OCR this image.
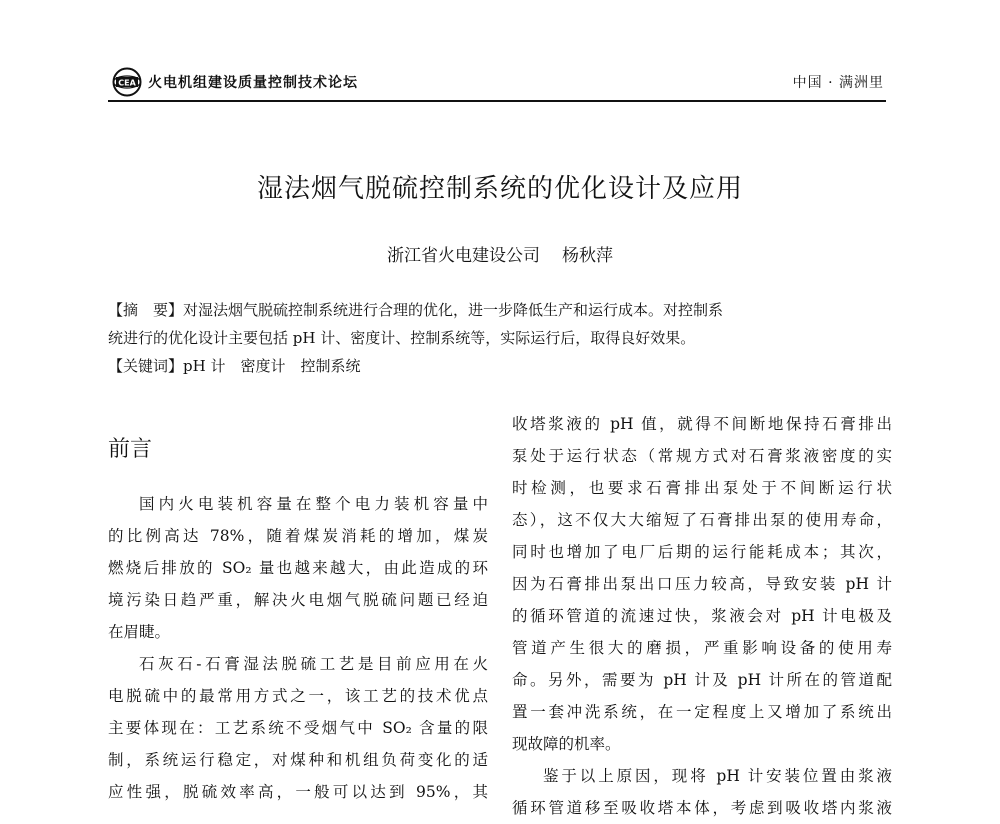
CEA 火电机组建设质量控制技术论坛	中国 · 满洲里
湿法烟气脱硫控制系统的优化设计及应用
浙江省火电建设公司 杨秋萍
【摘　要】对湿法烟气脱硫控制系统进行合理的优化，进一步降低生产和运行成本。对控制系
统进行的优化设计主要包括 pH 计、密度计、控制系统等，实际运行后，取得良好效果。
【关键词】pH 计　密度计　控制系统
前言
国内火电装机容量在整个电力装机容量中
的比例高达 78%，随着煤炭消耗的增加，煤炭
燃烧后排放的 SO₂ 量也越来越大，由此造成的环
境污染日趋严重，解决火电烟气脱硫问题已经迫
在眉睫。
石灰石-石膏湿法脱硫工艺是目前应用在火
电脱硫中的最常用方式之一，该工艺的技术优点
主要体现在：工艺系统不受烟气中 SO₂ 含量的限
制，系统运行稳定，对煤种和机组负荷变化的适
应性强，脱硫效率高，一般可以达到 95%，其
收塔浆液的 pH 值，就得不间断地保持石膏排出
泵处于运行状态（常规方式对石膏浆液密度的实
时检测，也要求石膏排出泵处于不间断运行状
态），这不仅大大缩短了石膏排出泵的使用寿命，
同时也增加了电厂后期的运行能耗成本；其次，
因为石膏排出泵出口压力较高，导致安装 pH 计
的循环管道的流速过快，浆液会对 pH 计电极及
管道产生很大的磨损，严重影响设备的使用寿
命。另外，需要为 pH 计及 pH 计所在的管道配
置一套冲洗系统，在一定程度上又增加了系统出
现故障的机率。
鉴于以上原因，现将 pH 计安装位置由浆液
循环管道移至吸收塔本体，考虑到吸收塔内浆液
